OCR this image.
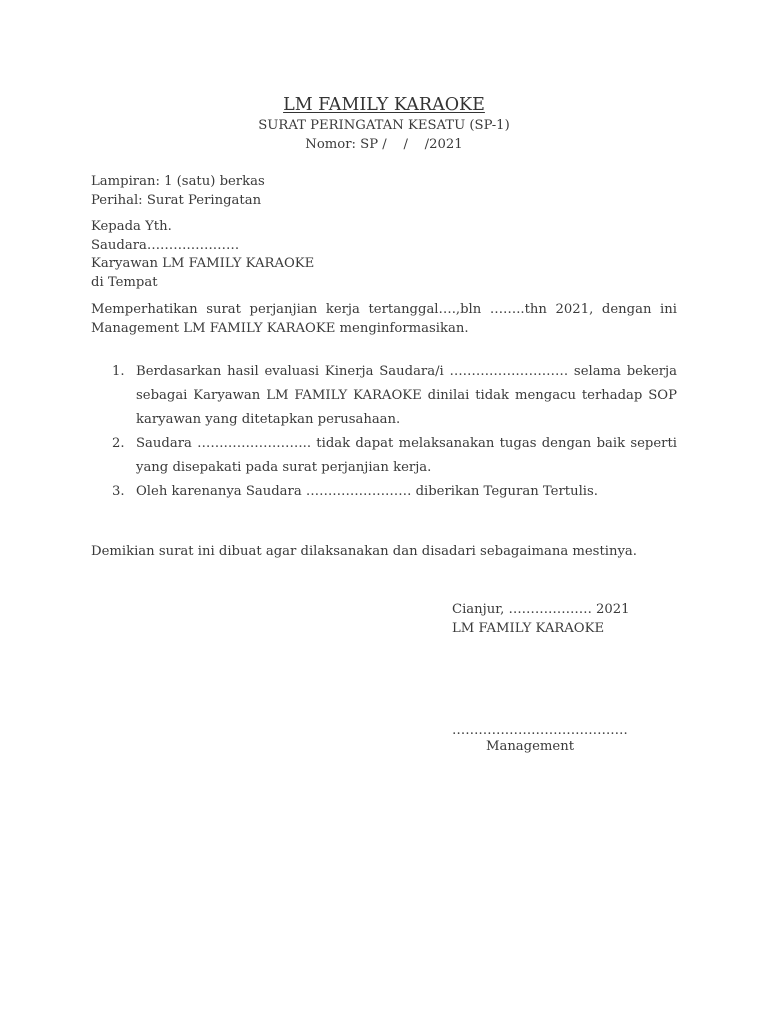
LM FAMILY KARAOKE
SURAT PERINGATAN KESATU (SP-1)
Nomor: SP /    /    /2021
Lampiran: 1 (satu) berkas
Perihal: Surat Peringatan
Kepada Yth.
Saudara…………………
Karyawan LM FAMILY KARAOKE
di Tempat
Memperhatikan surat perjanjian kerja tertanggal….,bln ……..thn 2021, dengan ini Management LM FAMILY KARAOKE menginformasikan.
1. Berdasarkan hasil evaluasi Kinerja Saudara/i ……………………… selama bekerja sebagai Karyawan LM FAMILY KARAOKE dinilai tidak mengacu terhadap SOP karyawan yang ditetapkan perusahaan.
2. Saudara …………………….. tidak dapat melaksanakan tugas dengan baik seperti yang disepakati pada surat perjanjian kerja.
3. Oleh karenanya Saudara …………………… diberikan Teguran Tertulis.
Demikian surat ini dibuat agar dilaksanakan dan disadari sebagaimana mestinya.
Cianjur, ………………. 2021
LM FAMILY KARAOKE
………………………………….
Management
